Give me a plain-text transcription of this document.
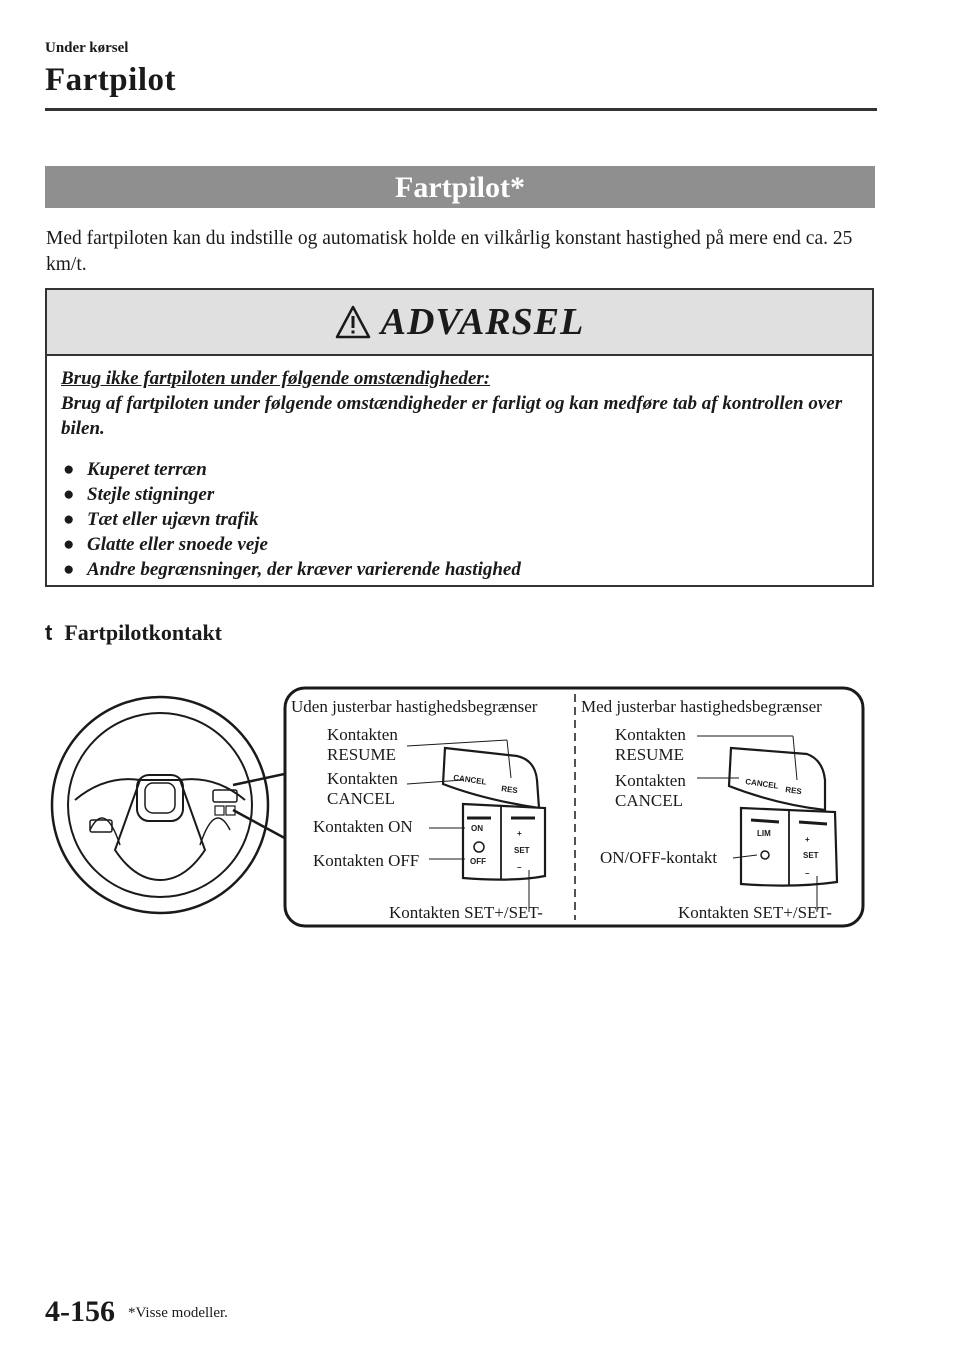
Under kørsel
Fartpilot
Fartpilot*
Med fartpiloten kan du indstille og automatisk holde en vilkårlig konstant hastighed på mere end ca. 25 km/t.
ADVARSEL
Brug ikke fartpiloten under følgende omstændigheder:
Brug af fartpiloten under følgende omstændigheder er farligt og kan medføre tab af kontrollen over bilen.
● Kuperet terræn
● Stejle stigninger
● Tæt eller ujævn trafik
● Glatte eller snoede veje
● Andre begrænsninger, der kræver varierende hastighed
t Fartpilotkontakt
Uden justerbar hastighedsbegrænser
Kontakten
RESUME
Kontakten
CANCEL
Kontakten ON
Kontakten OFF
Kontakten SET+/SET-
CANCEL
RES
ON
OFF
+
SET
–
Med justerbar hastighedsbegrænser
Kontakten
RESUME
Kontakten
CANCEL
ON/OFF-kontakt
Kontakten SET+/SET-
CANCEL
RES
LIM
+
SET
–
4-156 *Visse modeller.
